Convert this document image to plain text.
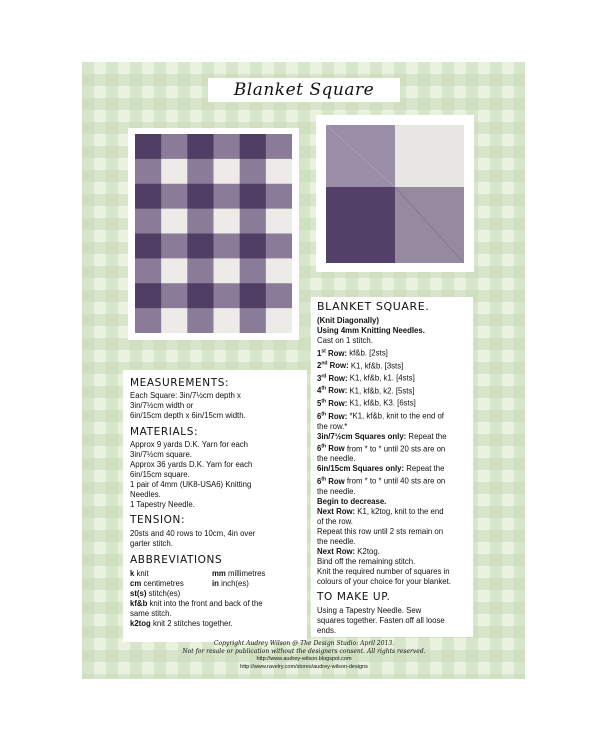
Blanket Square

MEASUREMENTS:

Each Square: 3in/7½cm depth x

3in/7½cm width or

6in/15cm depth x 6in/15cm width.

MATERIALS:

Approx 9 yards D.K. Yarn for each

3in/7½cm square.

Approx 36 yards D.K. Yarn for each

6in/15cm square.

1 pair of 4mm (UK8-USA6) Knitting

Needles.

1 Tapestry Needle.

TENSION:

20sts and 40 rows to 10cm, 4in over

garter stitch.

ABBREVIATIONS

k knit	mm millimetres
cm centimetres	in inch(es)

st(s) stitch(es)

kf&b knit into the front and back of the

same stitch.

k2tog knit 2 stitches together.

BLANKET SQUARE.

(Knit Diagonally)

Using 4mm Knitting Needles.

Cast on 1 stitch.

1st Row: kf&b. [2sts]

2nd Row: K1, kf&b. [3sts]

3rd Row: K1, kf&b, k1. [4sts]

4th Row: K1, kf&b, k2. [5sts]

5th Row: K1, kf&b, K3. [6sts]

6th Row: *K1, kf&b, knit to the end of

the row.*

3in/7½cm Squares only: Repeat the

6th Row from * to * until 20 sts are on

the needle.

6in/15cm Squares only: Repeat the

6th Row from * to * until 40 sts are on

the needle.

Begin to decrease.

Next Row: K1, k2tog, knit to the end

of the row.

Repeat this row until 2 sts remain on

the needle.

Next Row: K2tog.

Bind off the remaining stitch.

Knit the required number of squares in

colours of your choice for your blanket.

TO MAKE UP.

Using a Tapestry Needle. Sew

squares together. Fasten off all loose

ends.

Copyright Audrey Wilson @ The Design Studio: April 2013.
Not for resale or publication without the designers consent. All rights reserved.
http://www.audrey-wilson.blogspot.com
http://www.ravelry.com/stores/audrey-wilson-designs
